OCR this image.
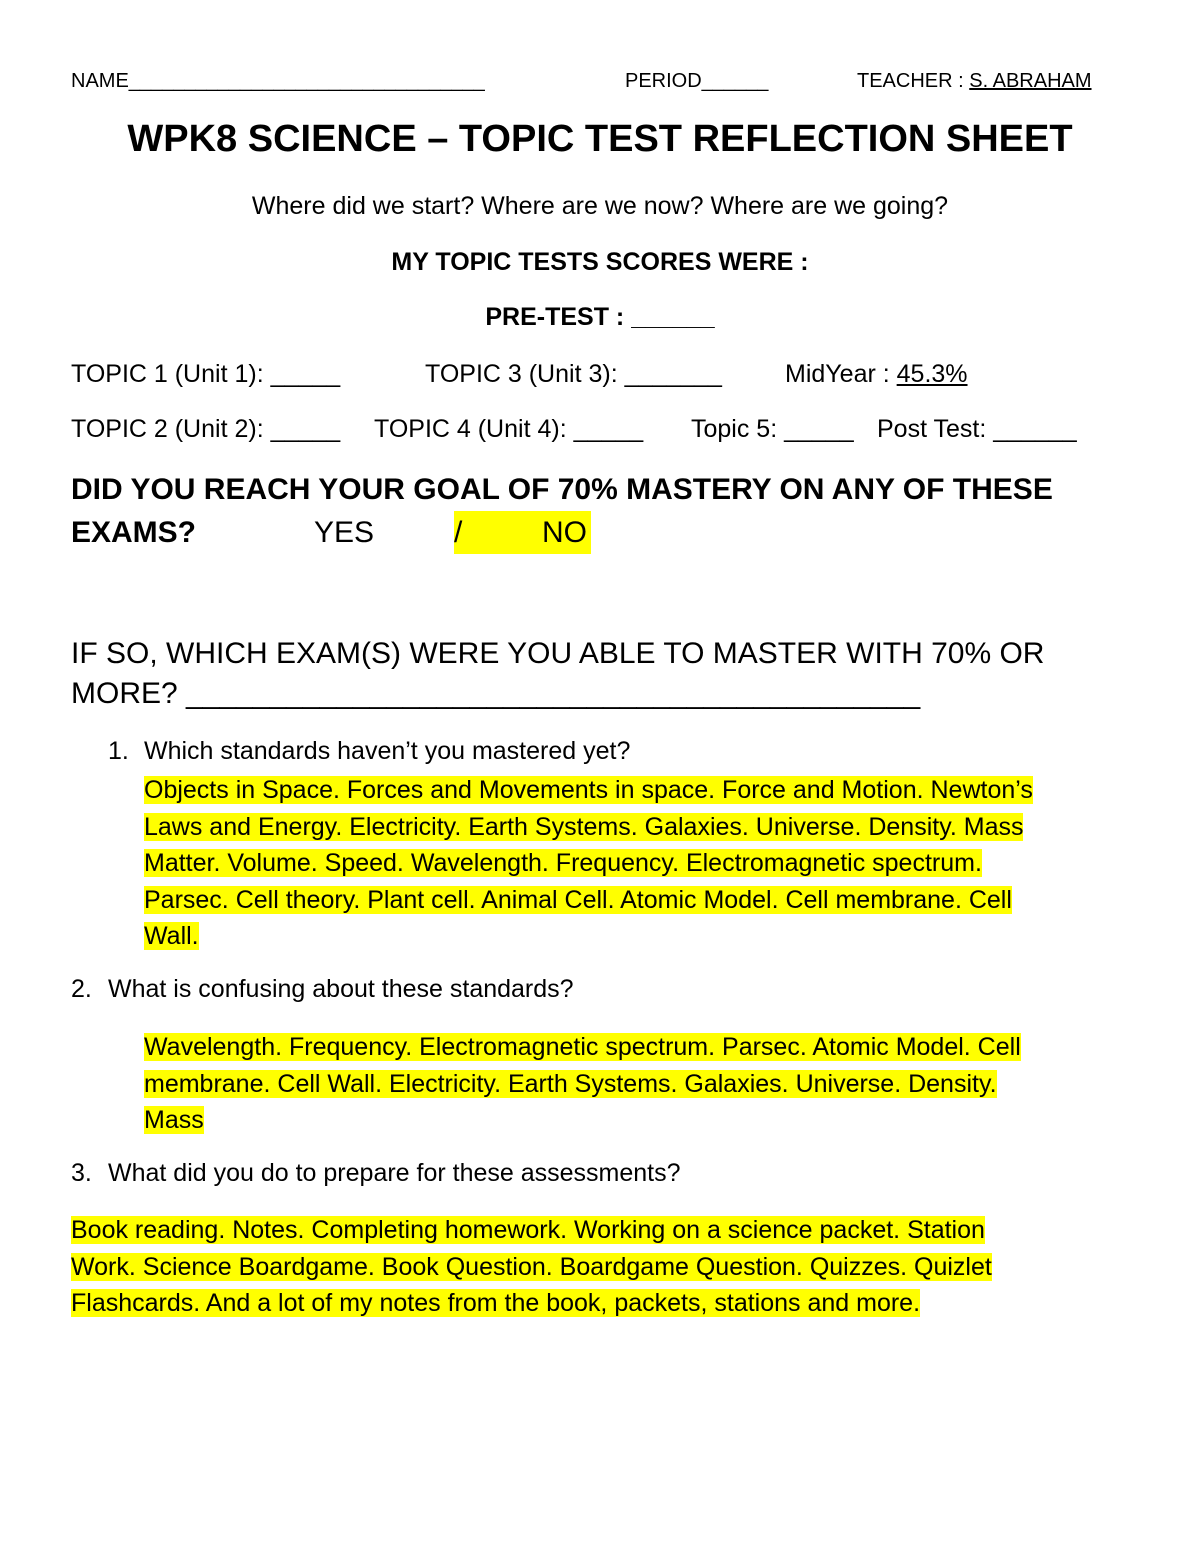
NAME________________________________	PERIOD______	TEACHER : S. ABRAHAM
WPK8 SCIENCE – TOPIC TEST REFLECTION SHEET
Where did we start? Where are we now? Where are we going?
MY TOPIC TESTS SCORES WERE :
PRE-TEST : ______
TOPIC 1 (Unit 1): _____	TOPIC 3 (Unit 3): _______	MidYear : 45.3%
TOPIC 2 (Unit 2): _____ TOPIC 4 (Unit 4): _____ Topic 5: _____ Post Test: ______
DID YOU REACH YOUR GOAL OF 70% MASTERY ON ANY OF THESE
EXAMS?	YES	/	NO

IF SO, WHICH EXAM(S) WERE YOU ABLE TO MASTER WITH 70% OR
MORE? ____________________________________________
1. Which standards haven’t you mastered yet?
Objects in Space. Forces and Movements in space. Force and Motion. Newton’s
Laws and Energy. Electricity. Earth Systems. Galaxies. Universe. Density. Mass
Matter. Volume. Speed. Wavelength. Frequency. Electromagnetic spectrum.
Parsec. Cell theory. Plant cell. Animal Cell. Atomic Model. Cell membrane. Cell
Wall.
2. What is confusing about these standards?
Wavelength. Frequency. Electromagnetic spectrum. Parsec. Atomic Model. Cell
membrane. Cell Wall. Electricity. Earth Systems. Galaxies. Universe. Density.
Mass
3. What did you do to prepare for these assessments?
Book reading. Notes. Completing homework. Working on a science packet. Station
Work. Science Boardgame. Book Question. Boardgame Question. Quizzes. Quizlet
Flashcards. And a lot of my notes from the book, packets, stations and more.
